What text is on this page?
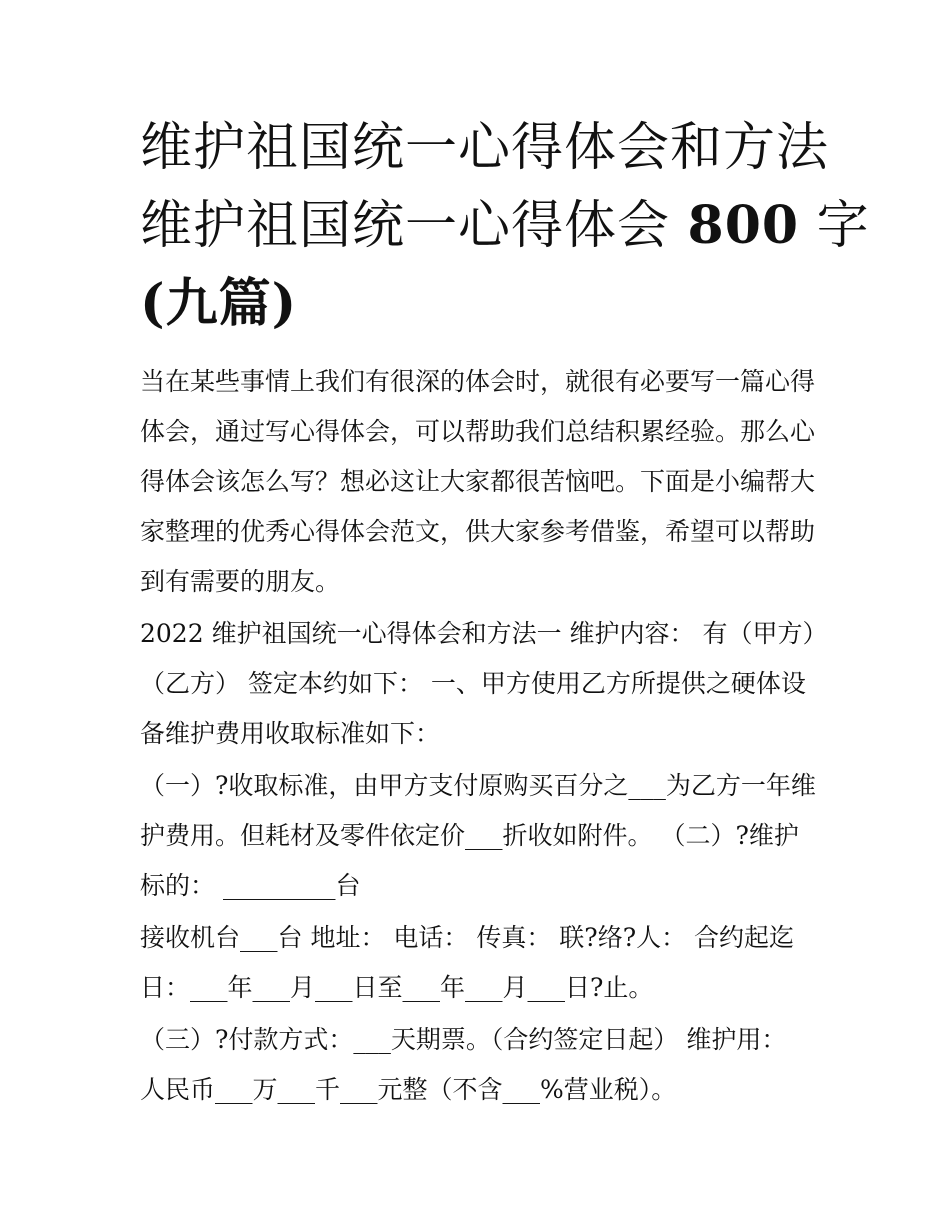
维护祖国统一心得体会和方法
维护祖国统一心得体会 800 字
(九篇)
当在某些事情上我们有很深的体会时，就很有必要写一篇心得
体会，通过写心得体会，可以帮助我们总结积累经验。那么心
得体会该怎么写？想必这让大家都很苦恼吧。下面是小编帮大
家整理的优秀心得体会范文，供大家参考借鉴，希望可以帮助
到有需要的朋友。
2022 维护祖国统一心得体会和方法一 维护内容： 有（甲方）
（乙方） 签定本约如下： 一、甲方使用乙方所提供之硬体设
备维护费用收取标准如下：
（一）?收取标准，由甲方支付原购买百分之___为乙方一年维
护费用。但耗材及零件依定价___折收如附件。 （二）?维护
标的： _________台
接收机台___台 地址： 电话： 传真： 联?络?人： 合约起迄
日：___年___月___日至___年___月___日?止。
（三）?付款方式：___天期票。（合约签定日起） 维护用：
人民币___万___千___元整（不含___%营业税）。
